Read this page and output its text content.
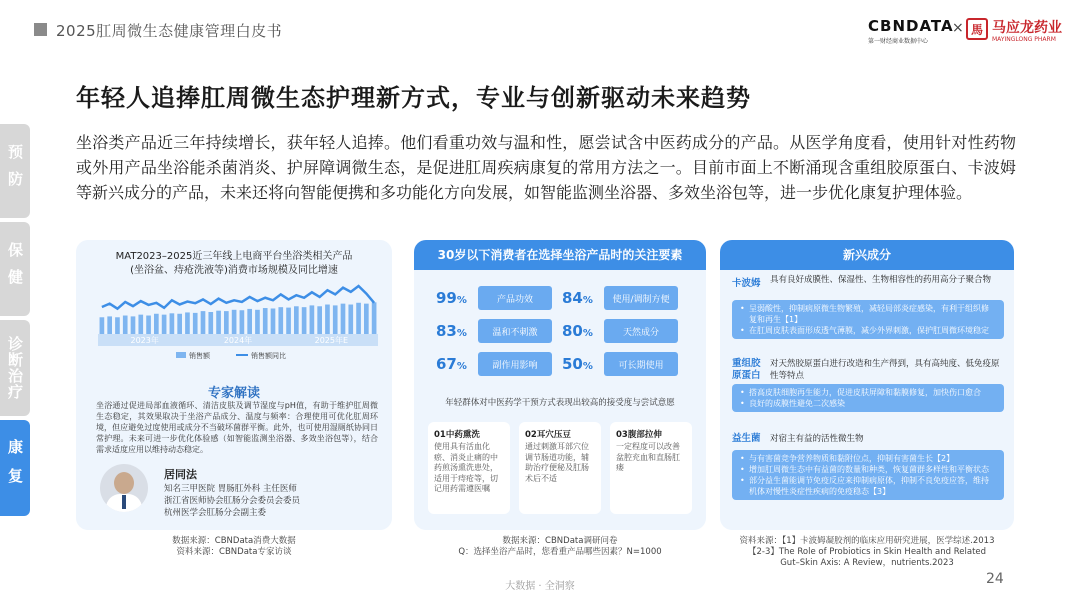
2025肛周微生态健康管理白皮书	CBNDATA
第一财经商业数据中心
× 馬 马应龙药业
MAYINGLONG PHARM
年轻人追捧肛周微生态护理新方式，专业与创新驱动未来趋势
预防
保健
诊断治疗
康复
坐浴类产品近三年持续增长，获年轻人追捧。他们看重功效与温和性，愿尝试含中医药成分的产品。从医学角度看，使用针对性药物或外用产品坐浴能杀菌消炎、护屏障调微生态，是促进肛周疾病康复的常用方法之一。目前市面上不断涌现含重组胶原蛋白、卡波姆等新兴成分的产品，未来还将向智能便携和多功能化方向发展，如智能监测坐浴器、多效坐浴包等，进一步优化康复护理体验。
MAT2023–2025近三年线上电商平台坐浴类相关产品
(坐浴盆、痔疮洗液等)消费市场规模及同比增速
2023年	2024年	2025年E
销售额	销售额同比
专家解读
坐浴通过促进局部血液循环、清洁皮肤及调节湿度与pH值，有助于维护肛周微生态稳定，其效果取决于坐浴产品成分、温度与频率：合理使用可优化肛周环境，但应避免过度使用或成分不当破坏菌群平衡。此外，也可使用湿厕纸协同日常护理。未来可进一步优化体验感（如智能监测坐浴器、多效坐浴包等），结合需求适度应用以维持动态稳定。
居同法
知名三甲医院 胃肠肛外科 主任医师
浙江省医师协会肛肠分会委员会委员
杭州医学会肛肠分会副主委
数据来源：CBNData消费大数据
资料来源：CBNData专家访谈
30岁以下消费者在选择坐浴产品时的关注要素
99%	产品功效	84%	使用/调制方便
83%	温和不刺激	80%	天然成分
67%	副作用影响	50%	可长期使用
年轻群体对中医药学干预方式表现出较高的接受度与尝试意愿
01中药熏洗
使用具有活血化瘀、消炎止痛的中药煎汤熏洗患处，适用于痔疮等，切记用药需遵医嘱
02耳穴压豆
通过刺激耳部穴位调节肠道功能，辅助治疗便秘及肛肠术后不适
03腹部拉伸
一定程度可以改善盆腔充血和直肠肛瘘
数据来源：CBNData调研问卷
Q：选择坐浴产品时，您看重产品哪些因素？N=1000
新兴成分
卡波姆 具有良好成膜性、保湿性、生物相容性的药用高分子聚合物
• 呈弱酸性，抑制病原微生物繁殖，减轻局部炎症感染，有利于组织修复和再生【1】
• 在肛周皮肤表面形成透气薄膜，减少外界刺激，保护肛周微环境稳定
重组胶
原蛋白
对天然胶原蛋白进行改造和生产得到，具有高纯度、低免疫原性等特点
• 搭高皮肤细胞再生能力，促进皮肤屏障和黏膜修复，加快伤口愈合
• 良好的成膜性避免二次感染
益生菌 对宿主有益的活性微生物
• 与有害菌竞争营养物质和黏附位点，抑制有害菌生长【2】
• 增加肛周微生态中有益菌的数量和种类，恢复菌群多样性和平衡状态
• 部分益生菌能调节免疫反应来抑制病原体，抑制不良免疫应答，维持机体对慢性炎症性疾病的免疫稳态【3】
资料来源：【1】卡波姆凝胶剂的临床应用研究进展，医学综述.2013
【2-3】The Role of Probiotics in Skin Health and Related
Gut–Skin Axis: A Review，nutrients.2023
大数据 · 全洞察	24
